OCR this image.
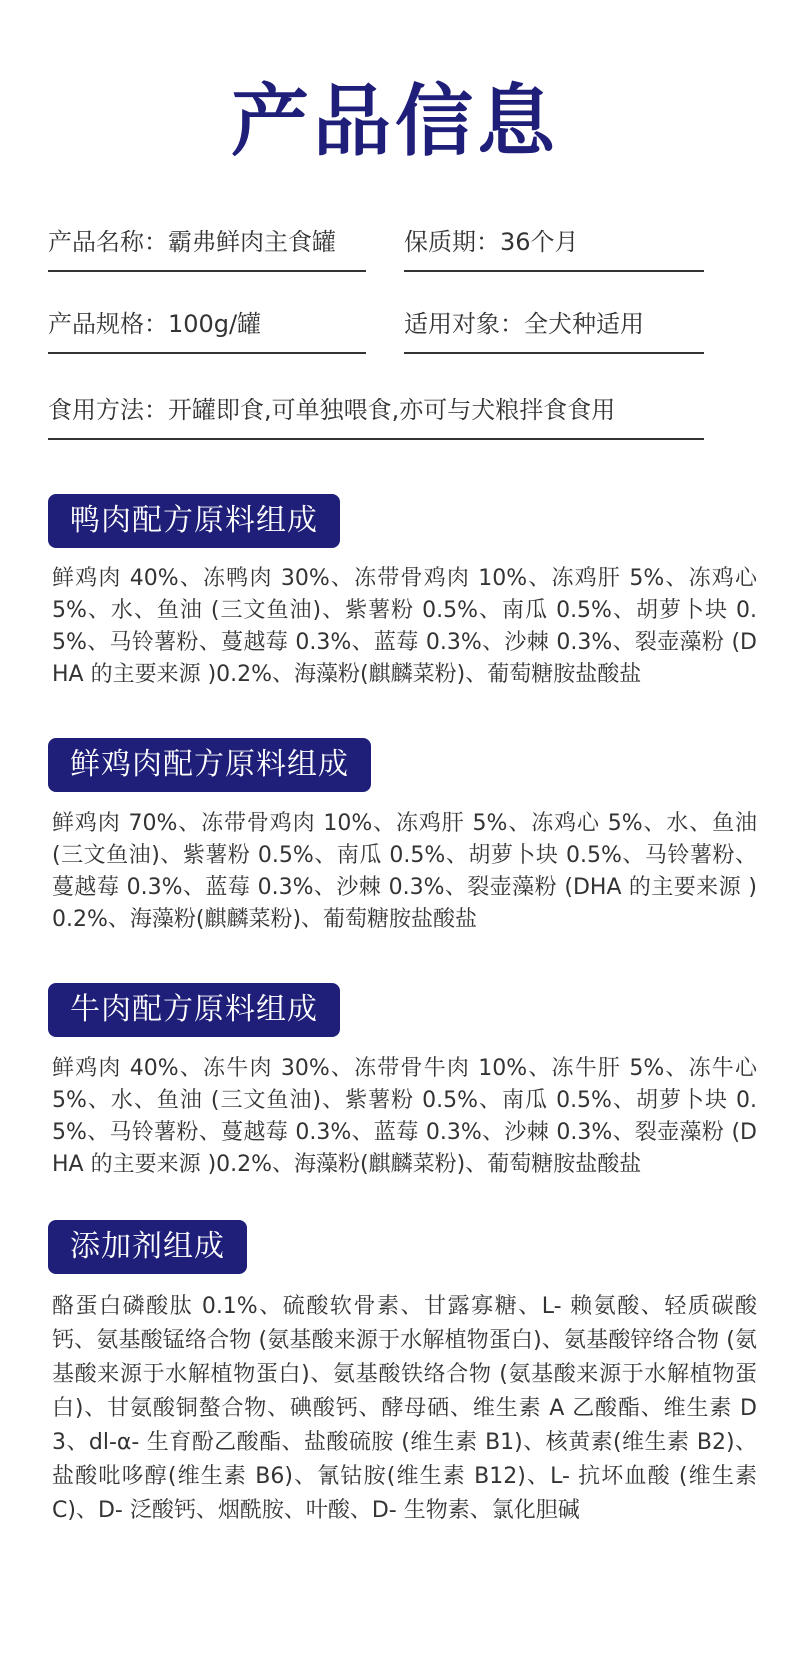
产品信息
产品名称：霸弗鲜肉主食罐	保质期：36个月
产品规格：100g/罐	适用对象：全犬种适用
食用方法：开罐即食,可单独喂食,亦可与犬粮拌食食用
鸭肉配方原料组成
鲜鸡肉 40%、冻鸭肉 30%、冻带骨鸡肉 10%、冻鸡肝 5%、冻鸡心 5%、水、鱼油 (三文鱼油)、紫薯粉 0.5%、南瓜 0.5%、胡萝卜块 0.5%、马铃薯粉、蔓越莓 0.3%、蓝莓 0.3%、沙棘 0.3%、裂壶藻粉 (DHA 的主要来源 )0.2%、海藻粉(麒麟菜粉)、葡萄糖胺盐酸盐
鲜鸡肉配方原料组成
鲜鸡肉 70%、冻带骨鸡肉 10%、冻鸡肝 5%、冻鸡心 5%、水、鱼油(三文鱼油)、紫薯粉 0.5%、南瓜 0.5%、胡萝卜块 0.5%、马铃薯粉、蔓越莓 0.3%、蓝莓 0.3%、沙棘 0.3%、裂壶藻粉 (DHA 的主要来源 ) 0.2%、海藻粉(麒麟菜粉)、葡萄糖胺盐酸盐
牛肉配方原料组成
鲜鸡肉 40%、冻牛肉 30%、冻带骨牛肉 10%、冻牛肝 5%、冻牛心 5%、水、鱼油 (三文鱼油)、紫薯粉 0.5%、南瓜 0.5%、胡萝卜块 0.5%、马铃薯粉、蔓越莓 0.3%、蓝莓 0.3%、沙棘 0.3%、裂壶藻粉 (DHA 的主要来源 )0.2%、海藻粉(麒麟菜粉)、葡萄糖胺盐酸盐
添加剂组成
酪蛋白磷酸肽 0.1%、硫酸软骨素、甘露寡糖、L- 赖氨酸、轻质碳酸钙、氨基酸锰络合物 (氨基酸来源于水解植物蛋白)、氨基酸锌络合物 (氨基酸来源于水解植物蛋白)、氨基酸铁络合物 (氨基酸来源于水解植物蛋白)、甘氨酸铜螯合物、碘酸钙、酵母硒、维生素 A 乙酸酯、维生素 D3、dl-α- 生育酚乙酸酯、盐酸硫胺 (维生素 B1)、核黄素(维生素 B2)、盐酸吡哆醇(维生素 B6)、氰钴胺(维生素 B12)、L- 抗坏血酸 (维生素 C)、D- 泛酸钙、烟酰胺、叶酸、D- 生物素、氯化胆碱
